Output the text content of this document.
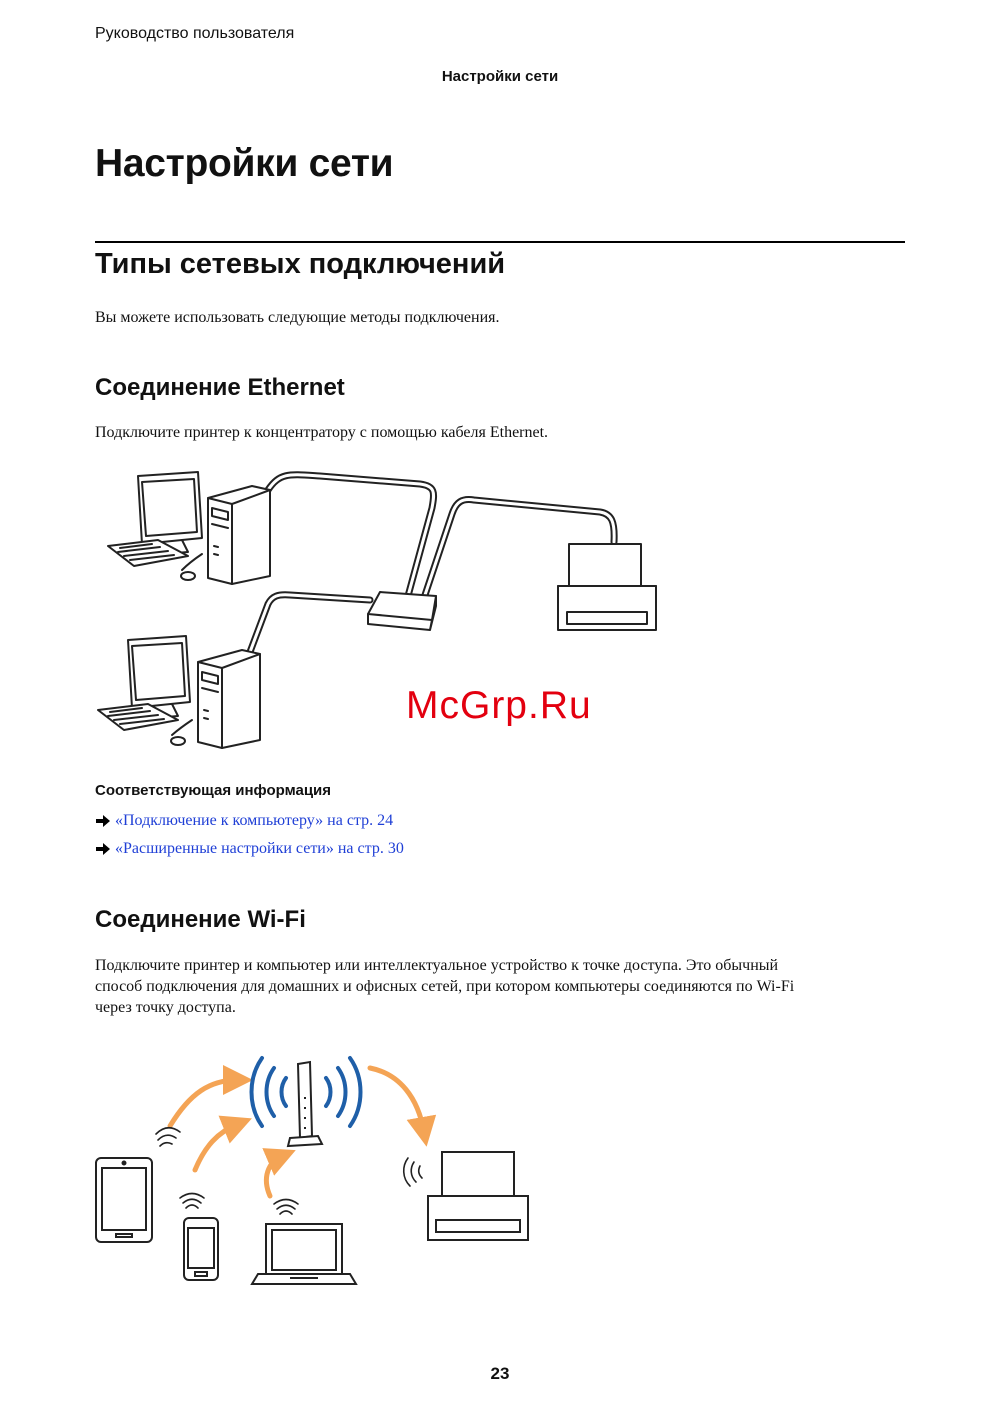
Руководство пользователя
Настройки сети
Настройки сети
Типы сетевых подключений
Вы можете использовать следующие методы подключения.
Соединение Ethernet
Подключите принтер к концентратору с помощью кабеля Ethernet.
McGrp.Ru
Соответствующая информация
«Подключение к компьютеру» на стр. 24
«Расширенные настройки сети» на стр. 30
Соединение Wi-Fi
Подключите принтер и компьютер или интеллектуальное устройство к точке доступа. Это обычный
способ подключения для домашних и офисных сетей, при котором компьютеры соединяются по Wi-Fi
через точку доступа.
23
